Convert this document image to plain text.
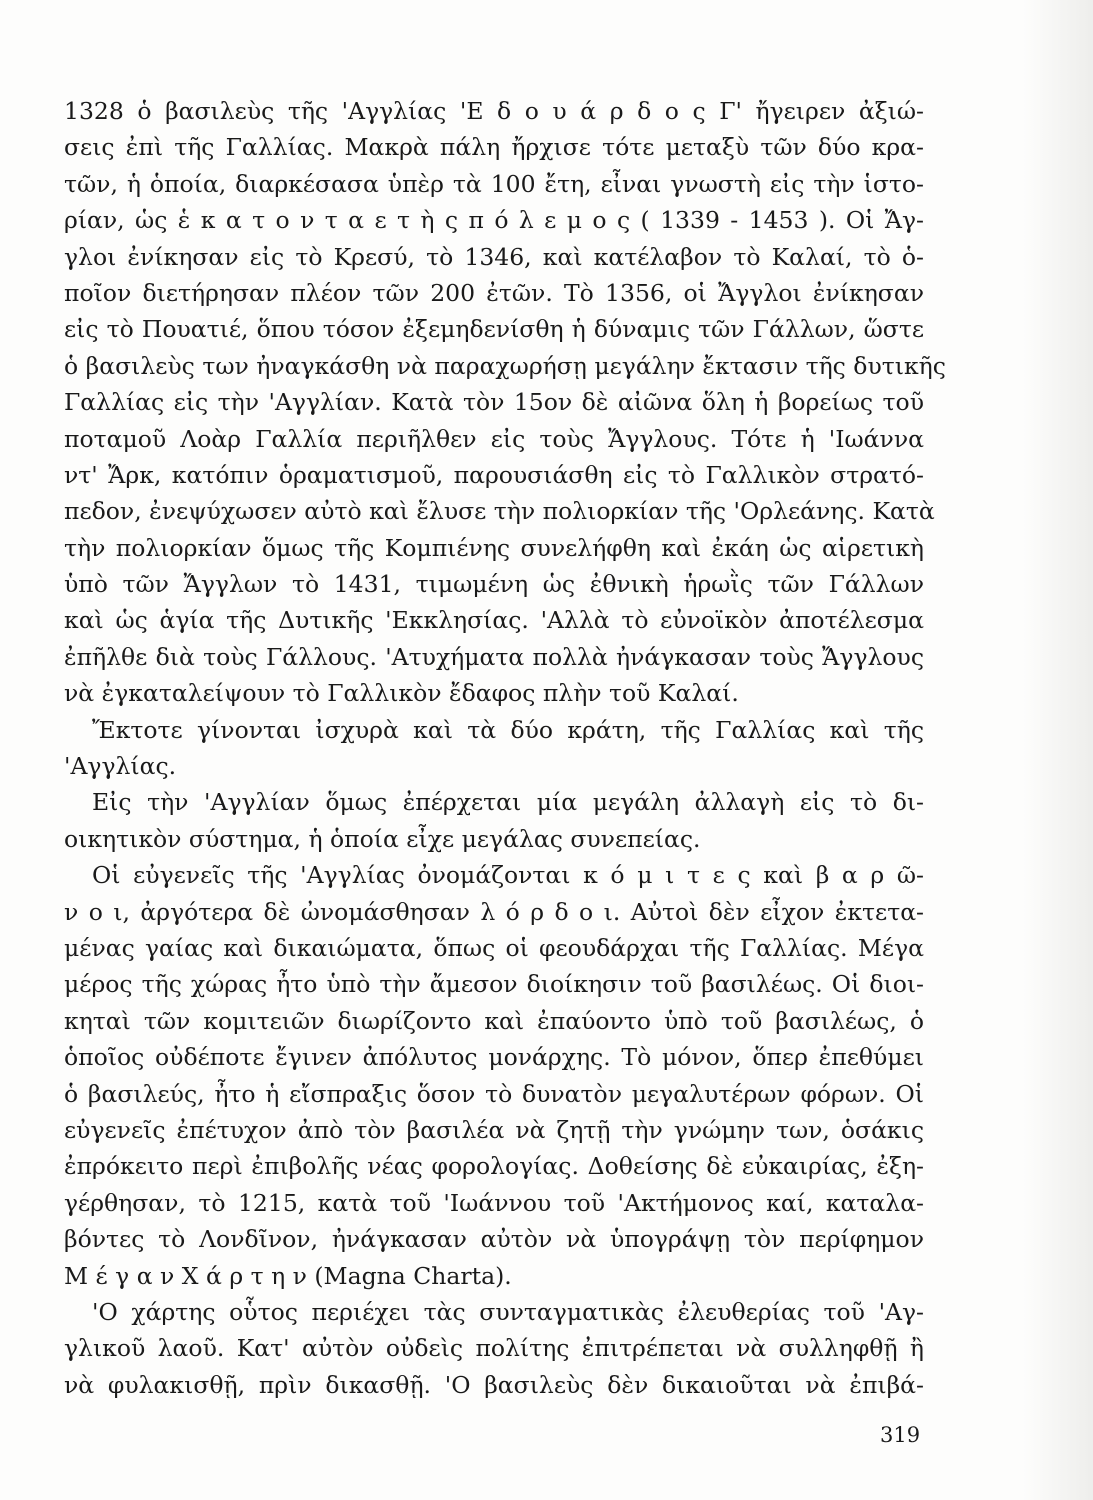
1328 ὁ βασιλεὺς τῆς 'Αγγλίας 'Ε δ ο υ ά ρ δ ο ς Γ' ἤγειρεν ἀξιώ-
σεις ἐπὶ τῆς Γαλλίας. Μακρὰ πάλη ἤρχισε τότε μεταξὺ τῶν δύο κρα-
τῶν, ἡ ὁποία, διαρκέσασα ὑπὲρ τὰ 100 ἔτη, εἶναι γνωστὴ εἰς τὴν ἱστο-
ρίαν, ὡς ἑ κ α τ ο ν τ α ε τ ὴ ς π ό λ ε μ ο ς ( 1339 - 1453 ). Οἱ Ἄγ-
γλοι ἐνίκησαν εἰς τὸ Κρεσύ, τὸ 1346, καὶ κατέλαβον τὸ Καλαί, τὸ ὁ-
ποῖον διετήρησαν πλέον τῶν 200 ἐτῶν. Τὸ 1356, οἱ Ἄγγλοι ἐνίκησαν
εἰς τὸ Πουατιέ, ὅπου τόσον ἐξεμηδενίσθη ἡ δύναμις τῶν Γάλλων, ὥστε
ὁ βασιλεὺς των ἠναγκάσθη νὰ παραχωρήσῃ μεγάλην ἔκτασιν τῆς δυτικῆς
Γαλλίας εἰς τὴν 'Αγγλίαν. Κατὰ τὸν 15ον δὲ αἰῶνα ὅλη ἡ βορείως τοῦ
ποταμοῦ Λοὰρ Γαλλία περιῆλθεν εἰς τοὺς Ἄγγλους. Τότε ἡ 'Ιωάννα
ντ' Ἄρκ, κατόπιν ὁραματισμοῦ, παρουσιάσθη εἰς τὸ Γαλλικὸν στρατό-
πεδον, ἐνεψύχωσεν αὐτὸ καὶ ἔλυσε τὴν πολιορκίαν τῆς 'Ορλεάνης. Κατὰ
τὴν πολιορκίαν ὅμως τῆς Κομπιένης συνελήφθη καὶ ἐκάη ὡς αἱρετικὴ
ὑπὸ τῶν Ἄγγλων τὸ 1431, τιμωμένη ὡς ἐθνικὴ ἡρωῒς τῶν Γάλλων
καὶ ὡς ἁγία τῆς Δυτικῆς 'Εκκλησίας. 'Αλλὰ τὸ εὐνοϊκὸν ἀποτέλεσμα
ἐπῆλθε διὰ τοὺς Γάλλους. 'Ατυχήματα πολλὰ ἠνάγκασαν τοὺς Ἄγγλους
νὰ ἐγκαταλείψουν τὸ Γαλλικὸν ἔδαφος πλὴν τοῦ Καλαί.
Ἔκτοτε γίνονται ἰσχυρὰ καὶ τὰ δύο κράτη, τῆς Γαλλίας καὶ τῆς
'Αγγλίας.
Εἰς τὴν 'Αγγλίαν ὅμως ἐπέρχεται μία μεγάλη ἀλλαγὴ εἰς τὸ δι-
οικητικὸν σύστημα, ἡ ὁποία εἶχε μεγάλας συνεπείας.
Οἱ εὐγενεῖς τῆς 'Αγγλίας ὀνομάζονται κ ό μ ι τ ε ς καὶ β α ρ ῶ-
ν ο ι, ἀργότερα δὲ ὠνομάσθησαν λ ό ρ δ ο ι. Αὐτοὶ δὲν εἶχον ἐκτετα-
μένας γαίας καὶ δικαιώματα, ὅπως οἱ φεουδάρχαι τῆς Γαλλίας. Μέγα
μέρος τῆς χώρας ἦτο ὑπὸ τὴν ἄμεσον διοίκησιν τοῦ βασιλέως. Οἱ διοι-
κηταὶ τῶν κομιτειῶν διωρίζοντο καὶ ἐπαύοντο ὑπὸ τοῦ βασιλέως, ὁ
ὁποῖος οὐδέποτε ἔγινεν ἀπόλυτος μονάρχης. Τὸ μόνον, ὅπερ ἐπεθύμει
ὁ βασιλεύς, ἦτο ἡ εἴσπραξις ὅσον τὸ δυνατὸν μεγαλυτέρων φόρων. Οἱ
εὐγενεῖς ἐπέτυχον ἀπὸ τὸν βασιλέα νὰ ζητῇ τὴν γνώμην των, ὁσάκις
ἐπρόκειτο περὶ ἐπιβολῆς νέας φορολογίας. Δοθείσης δὲ εὐκαιρίας, ἐξη-
γέρθησαν, τὸ 1215, κατὰ τοῦ 'Ιωάννου τοῦ 'Ακτήμονος καί, καταλα-
βόντες τὸ Λονδῖνον, ἠνάγκασαν αὐτὸν νὰ ὑπογράψῃ τὸν περίφημον
Μ έ γ α ν Χ ά ρ τ η ν (Magna Charta).
'Ο χάρτης οὗτος περιέχει τὰς συνταγματικὰς ἐλευθερίας τοῦ 'Αγ-
γλικοῦ λαοῦ. Κατ' αὐτὸν οὐδεὶς πολίτης ἐπιτρέπεται νὰ συλληφθῇ ἢ
νὰ φυλακισθῇ, πρὶν δικασθῇ. 'Ο βασιλεὺς δὲν δικαιοῦται νὰ ἐπιβά-
319
